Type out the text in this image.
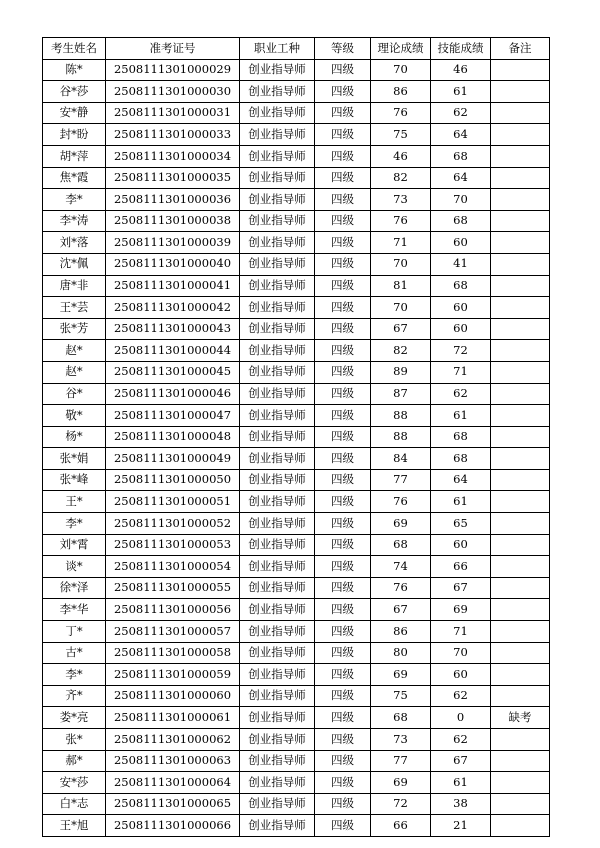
考生姓名	准考证号	职业工种	等级	理论成绩	技能成绩	备注
陈*	2508111301000029	创业指导师	四级	70	46	
谷*莎	2508111301000030	创业指导师	四级	86	61	
安*静	2508111301000031	创业指导师	四级	76	62	
封*盼	2508111301000033	创业指导师	四级	75	64	
胡*萍	2508111301000034	创业指导师	四级	46	68	
焦*霞	2508111301000035	创业指导师	四级	82	64	
李*	2508111301000036	创业指导师	四级	73	70	
李*涛	2508111301000038	创业指导师	四级	76	68	
刘*落	2508111301000039	创业指导师	四级	71	60	
沈*佩	2508111301000040	创业指导师	四级	70	41	
唐*非	2508111301000041	创业指导师	四级	81	68	
王*芸	2508111301000042	创业指导师	四级	70	60	
张*芳	2508111301000043	创业指导师	四级	67	60	
赵*	2508111301000044	创业指导师	四级	82	72	
赵*	2508111301000045	创业指导师	四级	89	71	
谷*	2508111301000046	创业指导师	四级	87	62	
敬*	2508111301000047	创业指导师	四级	88	61	
杨*	2508111301000048	创业指导师	四级	88	68	
张*娟	2508111301000049	创业指导师	四级	84	68	
张*峰	2508111301000050	创业指导师	四级	77	64	
王*	2508111301000051	创业指导师	四级	76	61	
李*	2508111301000052	创业指导师	四级	69	65	
刘*霄	2508111301000053	创业指导师	四级	68	60	
谈*	2508111301000054	创业指导师	四级	74	66	
徐*泽	2508111301000055	创业指导师	四级	76	67	
李*华	2508111301000056	创业指导师	四级	67	69	
丁*	2508111301000057	创业指导师	四级	86	71	
古*	2508111301000058	创业指导师	四级	80	70	
李*	2508111301000059	创业指导师	四级	69	60	
齐*	2508111301000060	创业指导师	四级	75	62	
娄*亮	2508111301000061	创业指导师	四级	68	0	缺考
张*	2508111301000062	创业指导师	四级	73	62	
郝*	2508111301000063	创业指导师	四级	77	67	
安*莎	2508111301000064	创业指导师	四级	69	61	
白*志	2508111301000065	创业指导师	四级	72	38	
王*旭	2508111301000066	创业指导师	四级	66	21	
